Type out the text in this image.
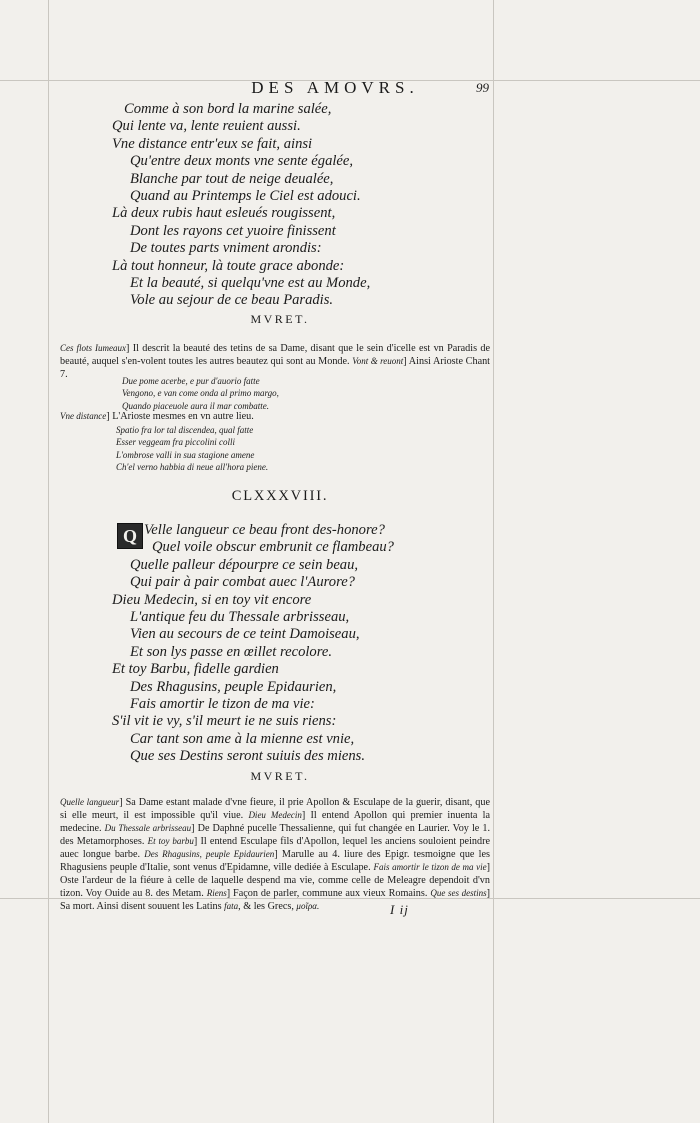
DES AMOVRS.	99
Comme à son bord la marine salée,
Qui lente va, lente reuient aussi.
Vne distance entr'eux se fait, ainsi
Qu'entre deux monts vne sente égalée,
Blanche par tout de neige deualée,
Quand au Printemps le Ciel est adouci.
Là deux rubis haut esleués rougissent,
Dont les rayons cet yuoire finissent
De toutes parts vniment arondis:
Là tout honneur, là toute grace abonde:
Et la beauté, si quelqu'vne est au Monde,
Vole au sejour de ce beau Paradis.
MVRET.
Ces flots Iumeaux] Il descrit la beauté des tetins de sa Dame, disant que le sein d'icelle est vn Paradis de beauté, auquel s'en-volent toutes les autres beautez qui sont au Monde. Vont & reuont] Ainsi Arioste Chant 7.
Due pome acerbe, e pur d'auorio fatte
Vengono, e van come onda al primo margo,
Quando piaceuole aura il mar combatte.
Vne distance] L'Arioste mesmes en vn autre lieu.
Spatio fra lor tal discendea, qual fatte
Esser veggeam fra piccolini colli
L'ombrose valli in sua stagione amene
Ch'el verno habbia di neue all'hora piene.
CLXXXVIII.
Q Velle langueur ce beau front des-honore?
Quel voile obscur embrunit ce flambeau?
Quelle palleur dépourpre ce sein beau,
Qui pair à pair combat auec l'Aurore?
Dieu Medecin, si en toy vit encore
L'antique feu du Thessale arbrisseau,
Vien au secours de ce teint Damoiseau,
Et son lys passe en œillet recolore.
Et toy Barbu, fidelle gardien
Des Rhagusins, peuple Epidaurien,
Fais amortir le tizon de ma vie:
S'il vit ie vy, s'il meurt ie ne suis riens:
Car tant son ame à la mienne est vnie,
Que ses Destins seront suiuis des miens.
MVRET.
Quelle langueur] Sa Dame estant malade d'vne fieure, il prie Apollon & Esculape de la guerir, disant, que si elle meurt, il est impossible qu'il viue. Dieu Medecin] Il entend Apollon qui premier inuenta la medecine. Du Thessale arbrisseau] De Daphné pucelle Thessalienne, qui fut changée en Laurier. Voy le 1. des Metamorphoses. Et toy barbu] Il entend Esculape fils d'Apollon, lequel les anciens souloient peindre auec longue barbe. Des Rhagusins, peuple Epidaurien] Marulle au 4. liure des Epigr. tesmoigne que les Rhagusiens peuple d'Italie, sont venus d'Epidamne, ville dediée à Esculape. Fais amortir le tizon de ma vie] Oste l'ardeur de la fiéure à celle de laquelle despend ma vie, comme celle de Meleagre dependoit d'vn tizon. Voy Ouide au 8. des Metam. Riens] Façon de parler, commune aux vieux Romains. Que ses destins] Sa mort. Ainsi disent souuent les Latins fata, & les Grecs, μοῖρα.	I ij
